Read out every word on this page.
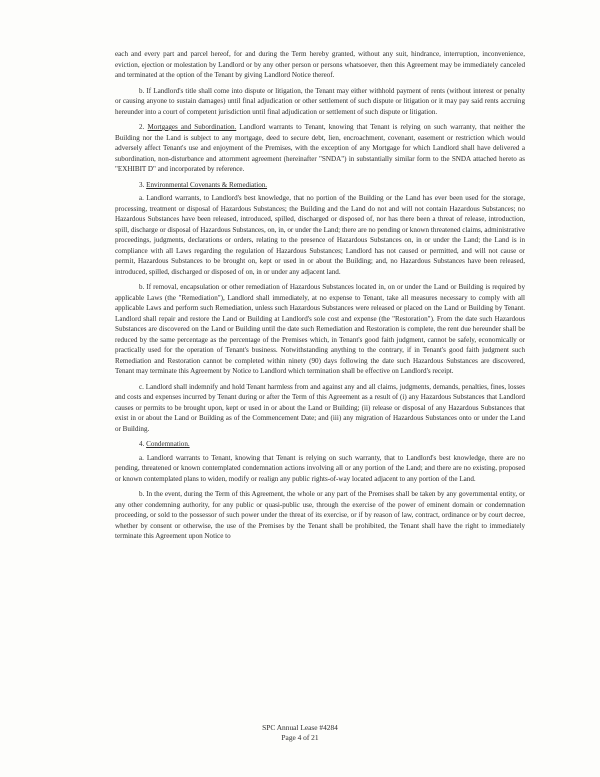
each and every part and parcel hereof, for and during the Term hereby granted, without any suit, hindrance, interruption, inconvenience, eviction, ejection or molestation by Landlord or by any other person or persons whatsoever, then this Agreement may be immediately canceled and terminated at the option of the Tenant by giving Landlord Notice thereof.

b. If Landlord's title shall come into dispute or litigation, the Tenant may either withhold payment of rents (without interest or penalty or causing anyone to sustain damages) until final adjudication or other settlement of such dispute or litigation or it may pay said rents accruing hereunder into a court of competent jurisdiction until final adjudication or settlement of such dispute or litigation.

2. Mortgages and Subordination. Landlord warrants to Tenant, knowing that Tenant is relying on such warranty, that neither the Building nor the Land is subject to any mortgage, deed to secure debt, lien, encroachment, covenant, easement or restriction which would adversely affect Tenant's use and enjoyment of the Premises, with the exception of any Mortgage for which Landlord shall have delivered a subordination, non-disturbance and attornment agreement (hereinafter "SNDA") in substantially similar form to the SNDA attached hereto as "EXHIBIT D" and incorporated by reference.

3. Environmental Covenants & Remediation.

a. Landlord warrants, to Landlord's best knowledge, that no portion of the Building or the Land has ever been used for the storage, processing, treatment or disposal of Hazardous Substances; the Building and the Land do not and will not contain Hazardous Substances; no Hazardous Substances have been released, introduced, spilled, discharged or disposed of, nor has there been a threat of release, introduction, spill, discharge or disposal of Hazardous Substances, on, in, or under the Land; there are no pending or known threatened claims, administrative proceedings, judgments, declarations or orders, relating to the presence of Hazardous Substances on, in or under the Land; the Land is in compliance with all Laws regarding the regulation of Hazardous Substances; Landlord has not caused or permitted, and will not cause or permit, Hazardous Substances to be brought on, kept or used in or about the Building; and, no Hazardous Substances have been released, introduced, spilled, discharged or disposed of on, in or under any adjacent land.

b. If removal, encapsulation or other remediation of Hazardous Substances located in, on or under the Land or Building is required by applicable Laws (the "Remediation"), Landlord shall immediately, at no expense to Tenant, take all measures necessary to comply with all applicable Laws and perform such Remediation, unless such Hazardous Substances were released or placed on the Land or Building by Tenant. Landlord shall repair and restore the Land or Building at Landlord's sole cost and expense (the "Restoration"). From the date such Hazardous Substances are discovered on the Land or Building until the date such Remediation and Restoration is complete, the rent due hereunder shall be reduced by the same percentage as the percentage of the Premises which, in Tenant's good faith judgment, cannot be safely, economically or practically used for the operation of Tenant's business. Notwithstanding anything to the contrary, if in Tenant's good faith judgment such Remediation and Restoration cannot be completed within ninety (90) days following the date such Hazardous Substances are discovered, Tenant may terminate this Agreement by Notice to Landlord which termination shall be effective on Landlord's receipt.

c. Landlord shall indemnify and hold Tenant harmless from and against any and all claims, judgments, demands, penalties, fines, losses and costs and expenses incurred by Tenant during or after the Term of this Agreement as a result of (i) any Hazardous Substances that Landlord causes or permits to be brought upon, kept or used in or about the Land or Building; (ii) release or disposal of any Hazardous Substances that exist in or about the Land or Building as of the Commencement Date; and (iii) any migration of Hazardous Substances onto or under the Land or Building.

4. Condemnation.

a. Landlord warrants to Tenant, knowing that Tenant is relying on such warranty, that to Landlord's best knowledge, there are no pending, threatened or known contemplated condemnation actions involving all or any portion of the Land; and there are no existing, proposed or known contemplated plans to widen, modify or realign any public rights-of-way located adjacent to any portion of the Land.

b. In the event, during the Term of this Agreement, the whole or any part of the Premises shall be taken by any governmental entity, or any other condemning authority, for any public or quasi-public use, through the exercise of the power of eminent domain or condemnation proceeding, or sold to the possessor of such power under the threat of its exercise, or if by reason of law, contract, ordinance or by court decree, whether by consent or otherwise, the use of the Premises by the Tenant shall be prohibited, the Tenant shall have the right to immediately terminate this Agreement upon Notice to

SPC Annual Lease #4284
Page 4 of 21
